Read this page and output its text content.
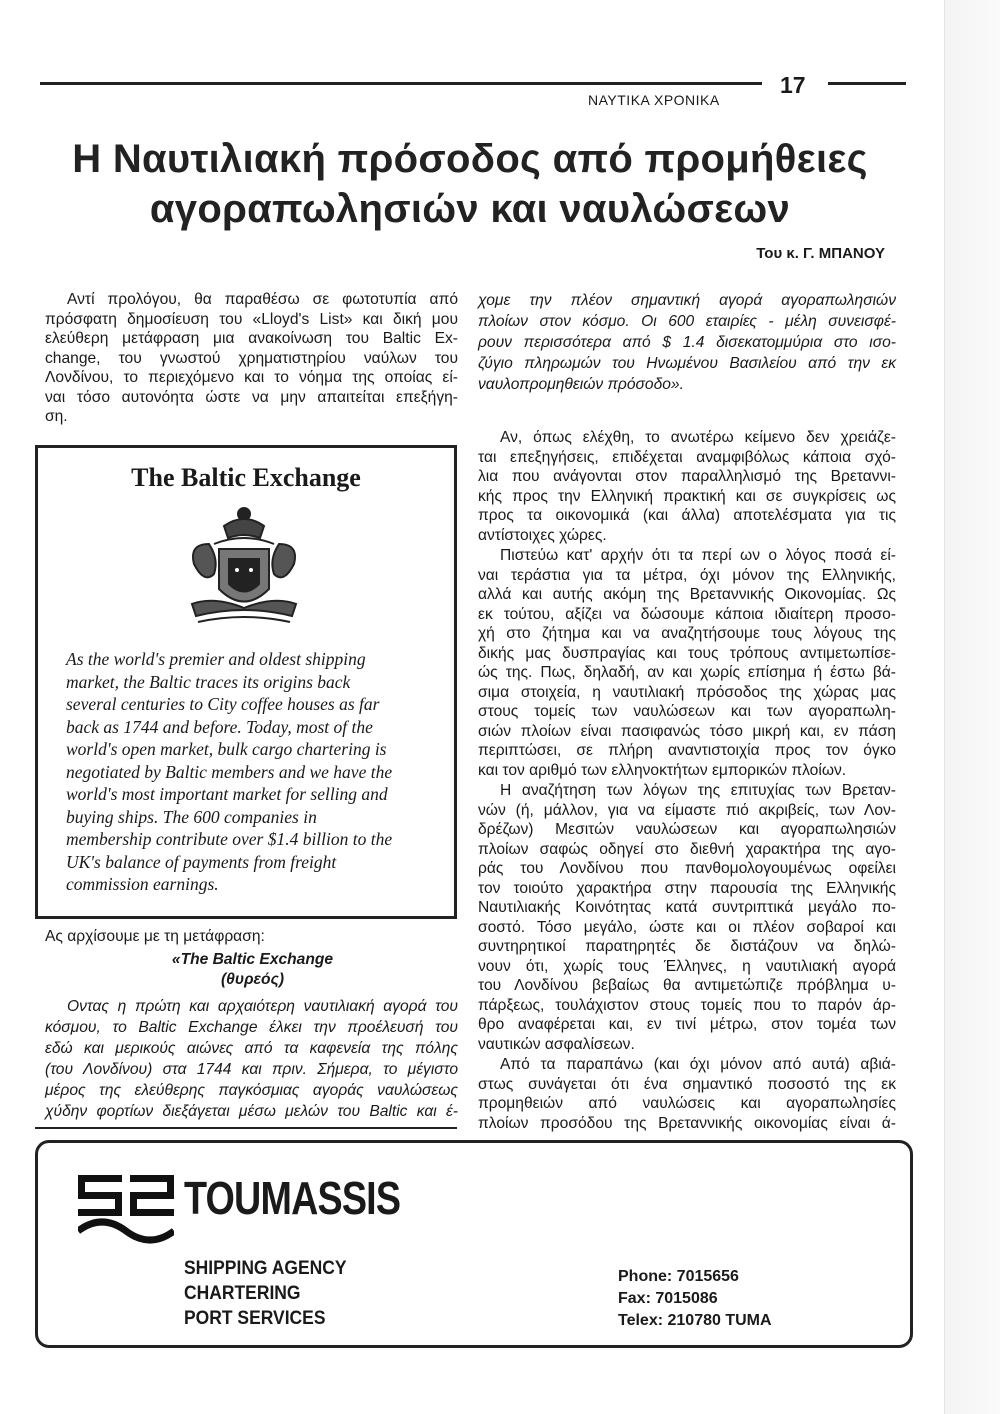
ΝΑΥΤΙΚΑ ΧΡΟΝΙΚΑ
17
Η Ναυτιλιακή πρόσοδος από προμήθειες
αγοραπωλησιών και ναυλώσεων
Του κ. Γ. ΜΠΑΝΟΥ
Αντί προλόγου, θα παραθέσω σε φωτοτυπία από
πρόσφατη δημοσίευση του «Lloyd's List» και δική μου
ελεύθερη μετάφραση μια ανακοίνωση του Baltic Ex-
change, του γνωστού χρηματιστηρίου ναύλων του
Λονδίνου, το περιεχόμενο και το νόημα της οποίας εί-
ναι τόσο αυτονόητα ώστε να μην απαιτείται επεξήγη-
ση.
The Baltic Exchange
As the world's premier and oldest shipping
market, the Baltic traces its origins back
several centuries to City coffee houses as far
back as 1744 and before. Today, most of the
world's open market, bulk cargo chartering is
negotiated by Baltic members and we have the
world's most important market for selling and
buying ships. The 600 companies in
membership contribute over $1.4 billion to the
UK's balance of payments from freight
commission earnings.
Ας αρχίσουμε με τη μετάφραση:
«The Baltic Exchange
(θυρεός)
Οντας η πρώτη και αρχαιότερη ναυτιλιακή αγορά του
κόσμου, το Baltic Exchange έλκει την προέλευσή του
εδώ και μερικούς αιώνες από τα καφενεία της πόλης
(του Λονδίνου) στα 1744 και πριν. Σήμερα, το μέγιστο
μέρος της ελεύθερης παγκόσμιας αγοράς ναυλώσεως
χύδην φορτίων διεξάγεται μέσω μελών του Baltic και έ-
χομε την πλέον σημαντική αγορά αγοραπωλησιών
πλοίων στον κόσμο. Οι 600 εταιρίες - μέλη συνεισφέ-
ρουν περισσότερα από $ 1.4 δισεκατομμύρια στο ισο-
ζύγιο πληρωμών του Ηνωμένου Βασιλείου από την εκ
ναυλοπρομηθειών πρόσοδο».
Αν, όπως ελέχθη, το ανωτέρω κείμενο δεν χρειάζε-
ται επεξηγήσεις, επιδέχεται αναμφιβόλως κάποια σχό-
λια που ανάγονται στον παραλληλισμό της Βρεταννι-
κής προς την Ελληνική πρακτική και σε συγκρίσεις ως
προς τα οικονομικά (και άλλα) αποτελέσματα για τις
αντίστοιχες χώρες.
Πιστεύω κατ' αρχήν ότι τα περί ων ο λόγος ποσά εί-
ναι τεράστια για τα μέτρα, όχι μόνον της Ελληνικής,
αλλά και αυτής ακόμη της Βρεταννικής Οικονομίας. Ως
εκ τούτου, αξίζει να δώσουμε κάποια ιδιαίτερη προσο-
χή στο ζήτημα και να αναζητήσουμε τους λόγους της
δικής μας δυσπραγίας και τους τρόπους αντιμετωπίσε-
ώς της. Πως, δηλαδή, αν και χωρίς επίσημα ή έστω βά-
σιμα στοιχεία, η ναυτιλιακή πρόσοδος της χώρας μας
στους τομείς των ναυλώσεων και των αγοραπωλη-
σιών πλοίων είναι πασιφανώς τόσο μικρή και, εν πάση
περιπτώσει, σε πλήρη αναντιστοιχία προς τον όγκο
και τον αριθμό των ελληνοκτήτων εμπορικών πλοίων.
Η αναζήτηση των λόγων της επιτυχίας των Βρεταν-
νών (ή, μάλλον, για να είμαστε πιό ακριβείς, των Λον-
δρέζων) Μεσιτών ναυλώσεων και αγοραπωλησιών
πλοίων σαφώς οδηγεί στο διεθνή χαρακτήρα της αγο-
ράς του Λονδίνου που πανθομολογουμένως οφείλει
τον τοιούτο χαρακτήρα στην παρουσία της Ελληνικής
Ναυτιλιακής Κοινότητας κατά συντριπτικά μεγάλο πο-
σοστό. Τόσο μεγάλο, ώστε και οι πλέον σοβαροί και
συντηρητικοί παρατηρητές δε διστάζουν να δηλώ-
νουν ότι, χωρίς τους Έλληνες, η ναυτιλιακή αγορά
του Λονδίνου βεβαίως θα αντιμετώπιζε πρόβλημα υ-
πάρξεως, τουλάχιστον στους τομείς που το παρόν άρ-
θρο αναφέρεται και, εν τινί μέτρω, στον τομέα των
ναυτικών ασφαλίσεων.
Από τα παραπάνω (και όχι μόνον από αυτά) αβιά-
στως συνάγεται ότι ένα σημαντικό ποσοστό της εκ
προμηθειών από ναυλώσεις και αγοραπωλησίες
πλοίων προσόδου της Βρεταννικής οικονομίας είναι ά-
TOUMASSIS
SHIPPING AGENCY
CHARTERING
PORT SERVICES
Phone: 7015656
Fax: 7015086
Telex: 210780 TUMA
